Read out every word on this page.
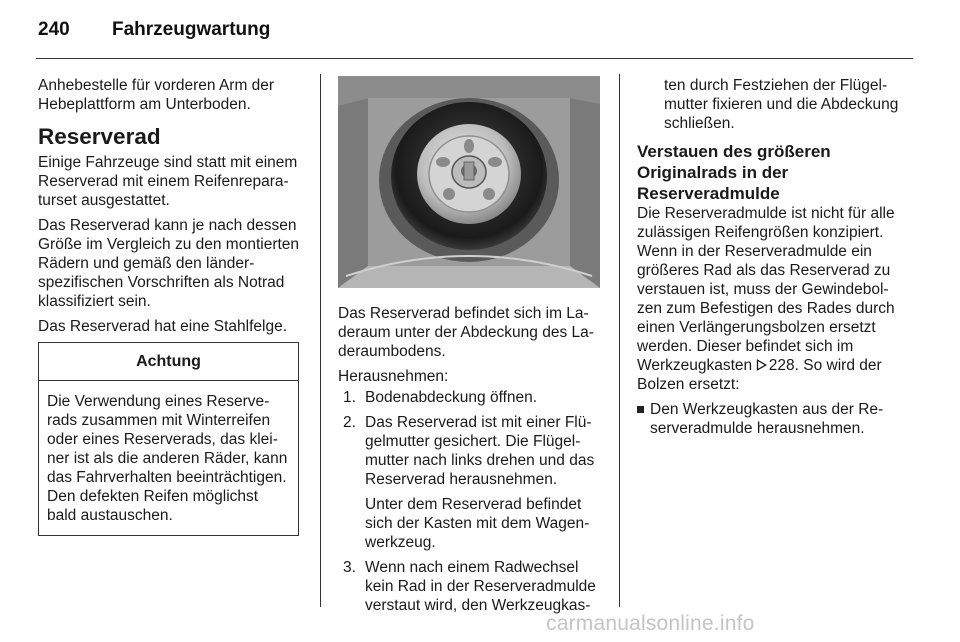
240 Fahrzeugwartung

Anhebestelle für vorderen Arm der Hebeplattform am Unterboden.

Reserverad

Einige Fahrzeuge sind statt mit einem Reserverad mit einem Reifenreparaturset ausgestattet.

Das Reserverad kann je nach dessen Größe im Vergleich zu den montierten Rädern und gemäß den länderspezifischen Vorschriften als Notrad klassifiziert sein.

Das Reserverad hat eine Stahlfelge.

Achtung
Die Verwendung eines Reserverads zusammen mit Winterreifen oder eines Reserverads, das kleiner ist als die anderen Räder, kann das Fahrverhalten beeinträchtigen. Den defekten Reifen möglichst bald austauschen.

Das Reserverad befindet sich im Laderaum unter der Abdeckung des Laderaumbodens.

Herausnehmen:

1. Bodenabdeckung öffnen.
2. Das Reserverad ist mit einer Flügelmutter gesichert. Die Flügelmutter nach links drehen und das Reserverad herausnehmen.
Unter dem Reserverad befindet sich der Kasten mit dem Wagenwerkzeug.
3. Wenn nach einem Radwechsel kein Rad in der Reserveradmulde verstaut wird, den Werkzeugkas-

ten durch Festziehen der Flügelmutter fixieren und die Abdeckung schließen.

Verstauen des größeren Originalrads in der Reserveradmulde

Die Reserveradmulde ist nicht für alle zulässigen Reifengrößen konzipiert. Wenn in der Reserveradmulde ein größeres Rad als das Reserverad zu verstauen ist, muss der Gewindebolzen zum Befestigen des Rades durch einen Verlängerungsbolzen ersetzt werden. Dieser befindet sich im Werkzeugkasten  228. So wird der Bolzen ersetzt:

Den Werkzeugkasten aus der Reserveradmulde herausnehmen.
carmanualsonline.info
